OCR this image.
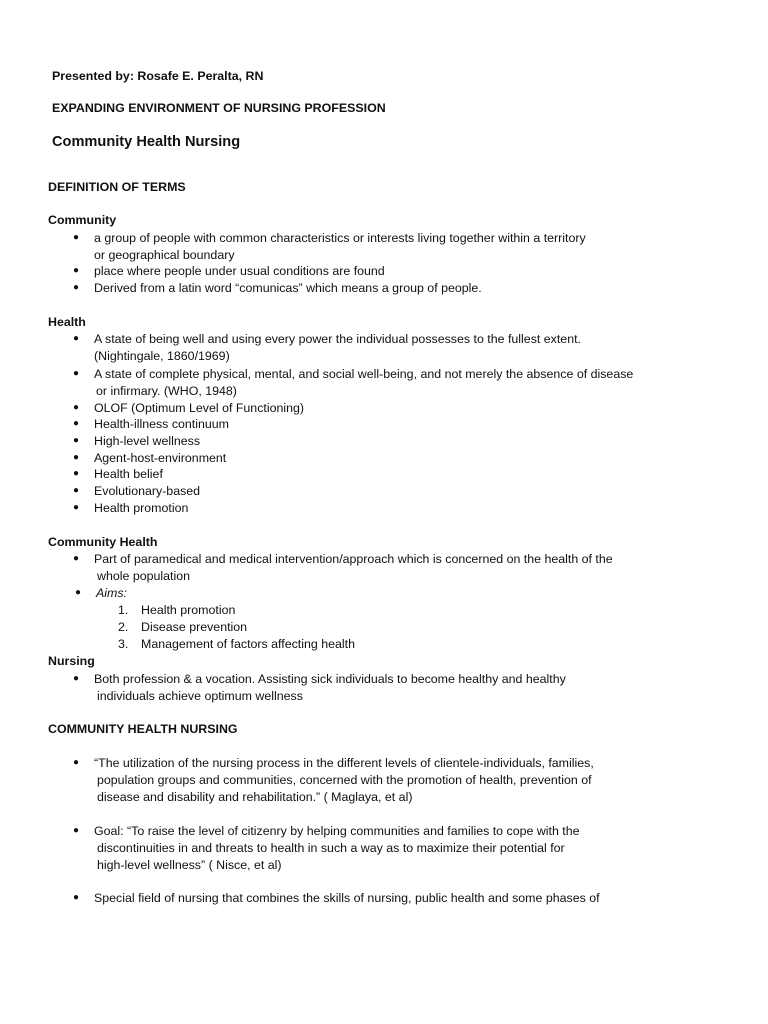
Presented by: Rosafe E. Peralta, RN
EXPANDING ENVIRONMENT OF NURSING PROFESSION
Community Health Nursing
DEFINITION OF TERMS
Community
● a group of people with common characteristics or interests living together within a territory
or geographical boundary
● place where people under usual conditions are found
● Derived from a latin word “comunicas” which means a group of people.
Health
● A state of being well and using every power the individual possesses to the fullest extent.
(Nightingale, 1860/1969)
● A state of complete physical, mental, and social well-being, and not merely the absence of disease
or infirmary. (WHO, 1948)
● OLOF (Optimum Level of Functioning)
● Health-illness continuum
● High-level wellness
● Agent-host-environment
● Health belief
● Evolutionary-based
● Health promotion
Community Health
● Part of paramedical and medical intervention/approach which is concerned on the health of the
whole population
● Aims:
1. Health promotion
2. Disease prevention
3. Management of factors affecting health
Nursing
● Both profession & a vocation. Assisting sick individuals to become healthy and healthy
individuals achieve optimum wellness
COMMUNITY HEALTH NURSING
● “The utilization of the nursing process in the different levels of clientele-individuals, families,
population groups and communities, concerned with the promotion of health, prevention of
disease and disability and rehabilitation.” ( Maglaya, et al)
● Goal: “To raise the level of citizenry by helping communities and families to cope with the
discontinuities in and threats to health in such a way as to maximize their potential for
high-level wellness” ( Nisce, et al)
● Special field of nursing that combines the skills of nursing, public health and some phases of
